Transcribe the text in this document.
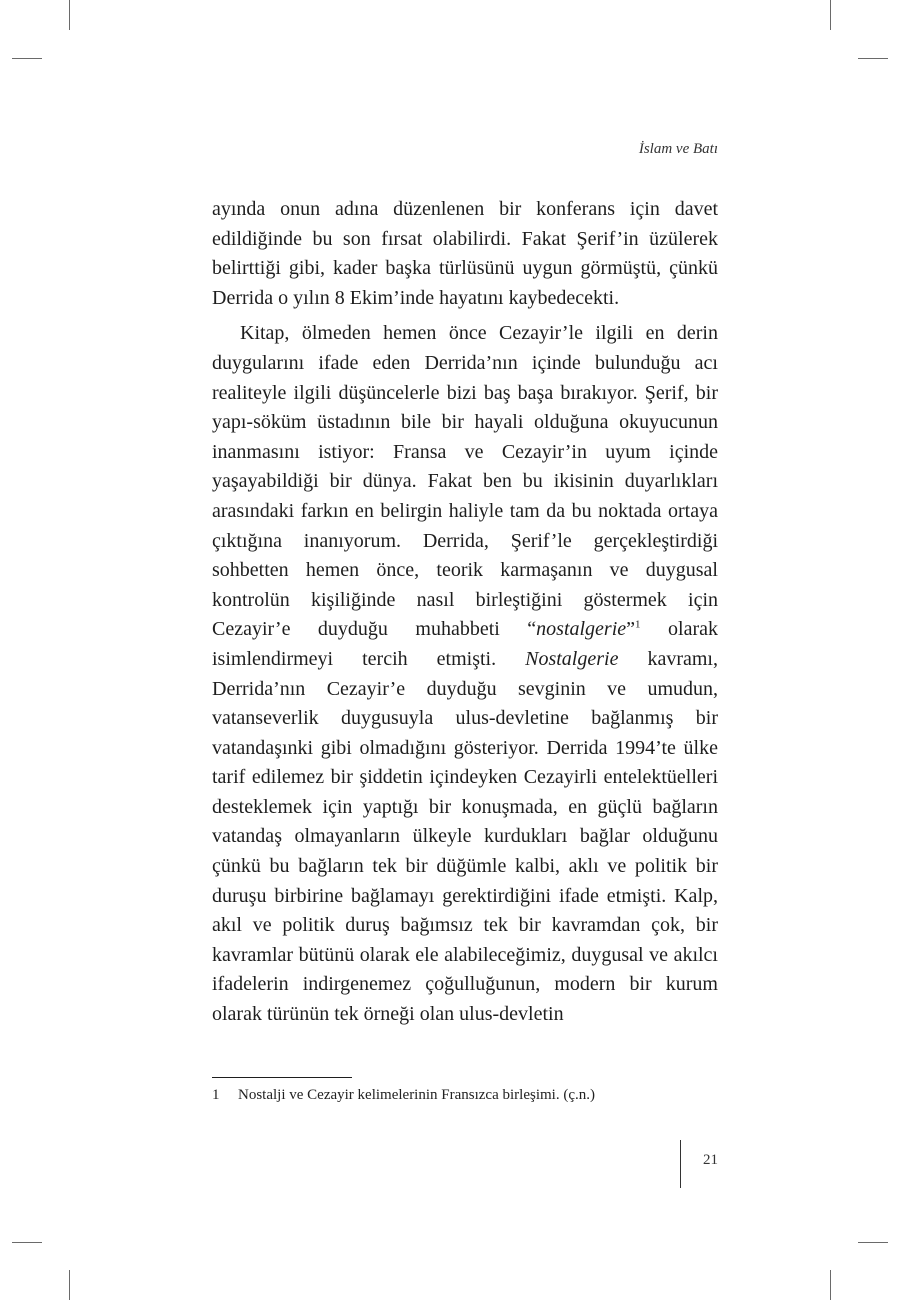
İslam ve Batı

ayında onun adına düzenlenen bir konferans için davet edildiğinde bu son fırsat olabilirdi. Fakat Şerif’in üzülerek belirttiği gibi, kader başka türlüsünü uygun görmüştü, çünkü Derrida o yılın 8 Ekim’inde hayatını kaybedecekti.

Kitap, ölmeden hemen önce Cezayir’le ilgili en derin duygularını ifade eden Derrida’nın içinde bulunduğu acı realiteyle ilgili düşüncelerle bizi baş başa bırakıyor. Şerif, bir yapı-söküm üstadının bile bir hayali olduğuna okuyucunun inanmasını istiyor: Fransa ve Cezayir’in uyum içinde yaşayabildiği bir dünya. Fakat ben bu ikisinin duyarlıkları arasındaki farkın en belirgin haliyle tam da bu noktada ortaya çıktığına inanıyorum. Derrida, Şerif’le gerçekleştirdiği sohbetten hemen önce, teorik karmaşanın ve duygusal kontrolün kişiliğinde nasıl birleştiğini göstermek için Cezayir’e duyduğu muhabbeti “nostalgerie”$^1$ olarak isimlendirmeyi tercih etmişti. Nostalgerie kavramı, Derrida’nın Cezayir’e duyduğu sevginin ve umudun, vatanseverlik duygusuyla ulus-devletine bağlanmış bir vatandaşınki gibi olmadığını gösteriyor. Derrida 1994’te ülke tarif edilemez bir şiddetin içindeyken Cezayirli entelektüelleri desteklemek için yaptığı bir konuşmada, en güçlü bağların vatandaş olmayanların ülkeyle kurdukları bağlar olduğunu çünkü bu bağların tek bir düğümle kalbi, aklı ve politik bir duruşu birbirine bağlamayı gerektirdiğini ifade etmişti. Kalp, akıl ve politik duruş bağımsız tek bir kavramdan çok, bir kavramlar bütünü olarak ele alabileceğimiz, duygusal ve akılcı ifadelerin indirgenemez çoğulluğunun, modern bir kurum olarak türünün tek örneği olan ulus-devletin

1 Nostalji ve Cezayir kelimelerinin Fransızca birleşimi. (ç.n.)
21
